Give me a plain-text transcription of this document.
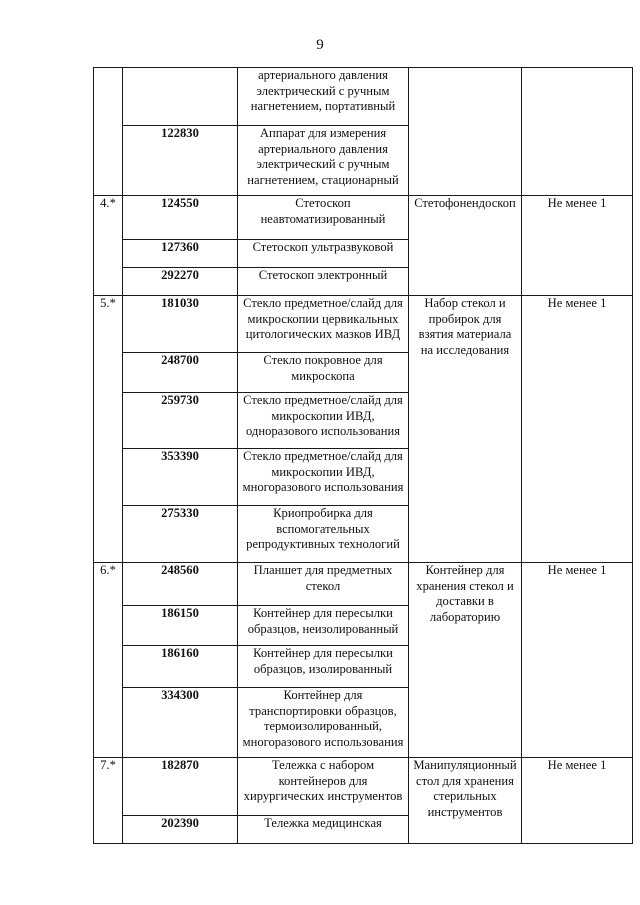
9
		артериального давления электрический с ручным нагнетением, портативный		
	122830	Аппарат для измерения артериального давления электрический с ручным нагнетением, стационарный		
4.*	124550	Стетоскоп неавтоматизированный	Стетофонендоскоп	Не менее 1
	127360	Стетоскоп ультразвуковой		
	292270	Стетоскоп электронный		
5.*	181030	Стекло предметное/слайд для микроскопии цервикальных цитологических мазков ИВД	Набор стекол и пробирок для взятия материала на исследования	Не менее 1
	248700	Стекло покровное для микроскопа		
	259730	Стекло предметное/слайд для микроскопии ИВД, одноразового использования		
	353390	Стекло предметное/слайд для микроскопии ИВД, многоразового использования		
	275330	Криопробирка для вспомогательных репродуктивных технологий		
6.*	248560	Планшет для предметных стекол	Контейнер для хранения стекол и доставки в лабораторию	Не менее 1
	186150	Контейнер для пересылки образцов, неизолированный		
	186160	Контейнер для пересылки образцов, изолированный		
	334300	Контейнер для транспортировки образцов, термоизолированный, многоразового использования		
7.*	182870	Тележка с набором контейнеров для хирургических инструментов	Манипуляционный стол для хранения стерильных инструментов	Не менее 1
	202390	Тележка медицинская		
